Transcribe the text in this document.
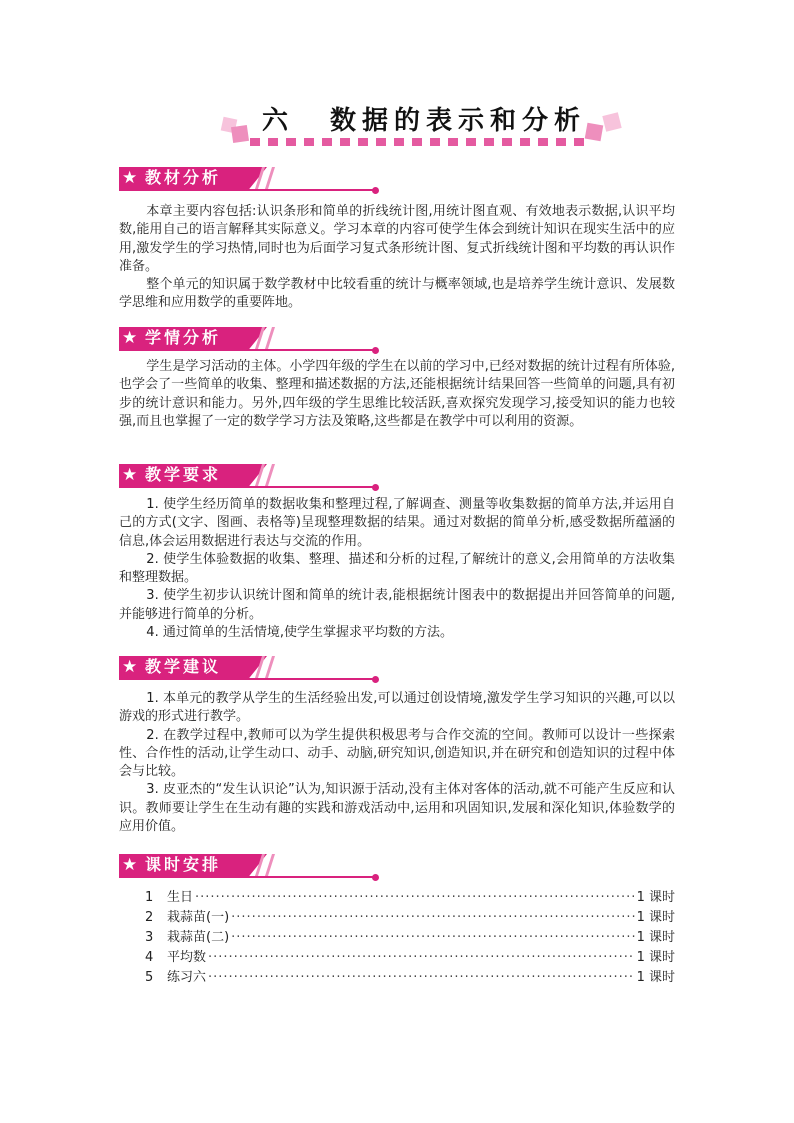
六 数据的表示和分析
★ 教材分析

本章主要内容包括:认识条形和简单的折线统计图,用统计图直观、有效地表示数据,认识平均数,能用自己的语言解释其实际意义。学习本章的内容可使学生体会到统计知识在现实生活中的应用,激发学生的学习热情,同时也为后面学习复式条形统计图、复式折线统计图和平均数的再认识作准备。

整个单元的知识属于数学教材中比较看重的统计与概率领域,也是培养学生统计意识、发展数学思维和应用数学的重要阵地。

★ 学情分析

学生是学习活动的主体。小学四年级的学生在以前的学习中,已经对数据的统计过程有所体验,也学会了一些简单的收集、整理和描述数据的方法,还能根据统计结果回答一些简单的问题,具有初步的统计意识和能力。另外,四年级的学生思维比较活跃,喜欢探究发现学习,接受知识的能力也较强,而且也掌握了一定的数学学习方法及策略,这些都是在教学中可以利用的资源。

★ 教学要求

1. 使学生经历简单的数据收集和整理过程,了解调查、测量等收集数据的简单方法,并运用自己的方式(文字、图画、表格等)呈现整理数据的结果。通过对数据的简单分析,感受数据所蕴涵的信息,体会运用数据进行表达与交流的作用。

2. 使学生体验数据的收集、整理、描述和分析的过程,了解统计的意义,会用简单的方法收集和整理数据。

3. 使学生初步认识统计图和简单的统计表,能根据统计图表中的数据提出并回答简单的问题,并能够进行简单的分析。

4. 通过简单的生活情境,使学生掌握求平均数的方法。

★ 教学建议

1. 本单元的教学从学生的生活经验出发,可以通过创设情境,激发学生学习知识的兴趣,可以以游戏的形式进行教学。

2. 在教学过程中,教师可以为学生提供积极思考与合作交流的空间。教师可以设计一些探索性、合作性的活动,让学生动口、动手、动脑,研究知识,创造知识,并在研究和创造知识的过程中体会与比较。

3. 皮亚杰的“发生认识论”认为,知识源于活动,没有主体对客体的活动,就不可能产生反应和认识。教师要让学生在生动有趣的实践和游戏活动中,运用和巩固知识,发展和深化知识,体验数学的应用价值。

★ 课时安排
1	生日 ·····	1 课时
2	栽蒜苗(一) ·····	1 课时
3	栽蒜苗(二) ·····	1 课时
4	平均数 ·····	1 课时
5	练习六 ·····	1 课时
